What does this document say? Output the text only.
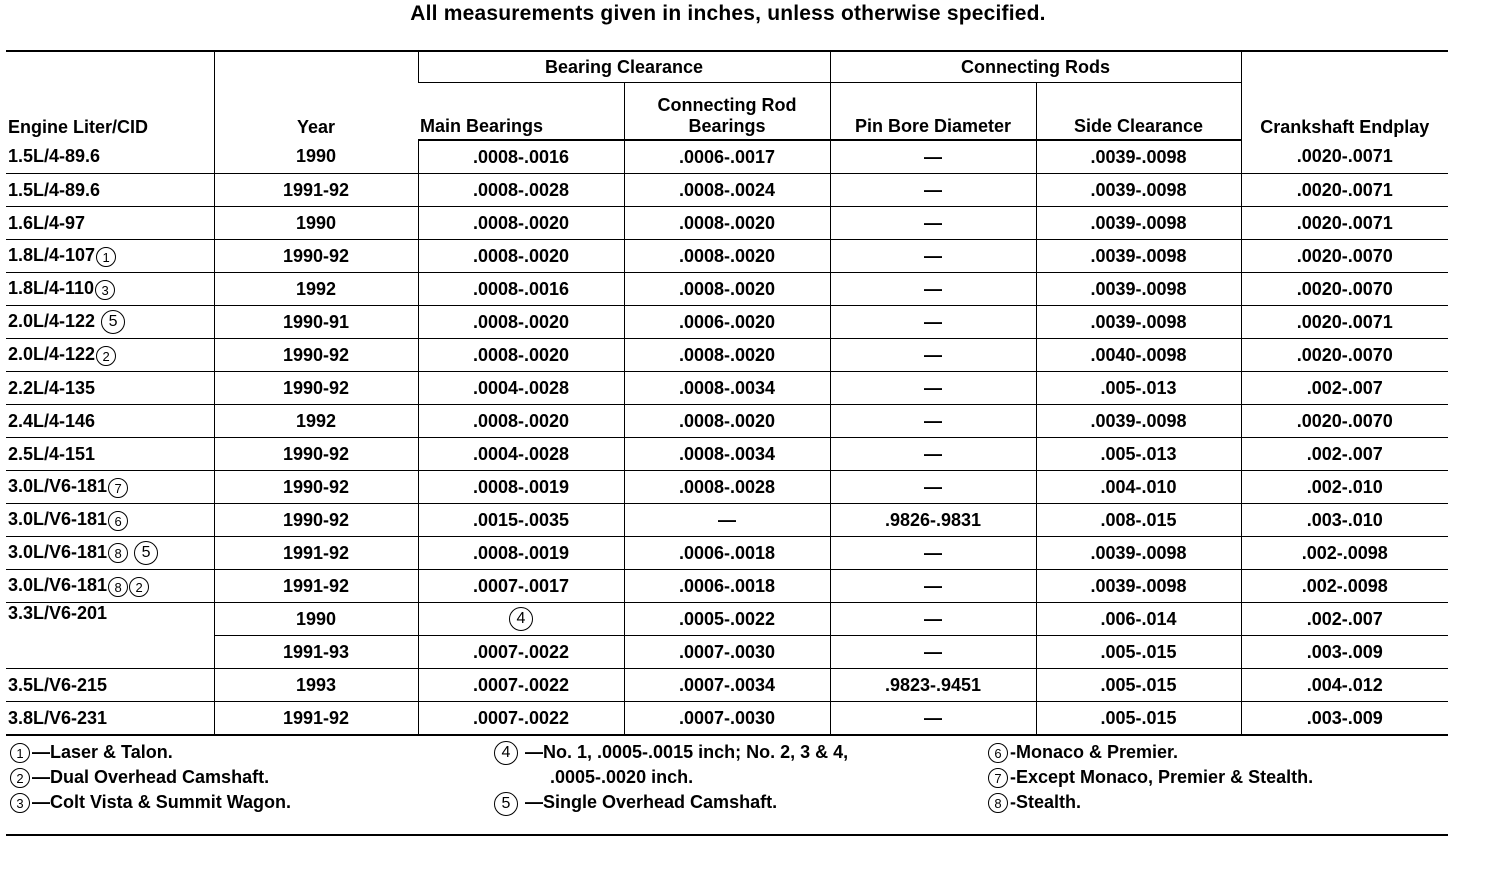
All measurements given in inches, unless otherwise specified.
Engine Liter/CID	Year	Bearing Clearance		Connecting Rods		Crankshaft Endplay
		Main Bearings	Connecting Rod Bearings	Pin Bore Diameter	Side Clearance	
1.5L/4-89.6	1990	.0008-.0016	.0006-.0017	—	.0039-.0098	.0020-.0071
1.5L/4-89.6	1991-92	.0008-.0028	.0008-.0024	—	.0039-.0098	.0020-.0071
1.6L/4-97	1990	.0008-.0020	.0008-.0020	—	.0039-.0098	.0020-.0071
1.8L/4-107 1	1990-92	.0008-.0020	.0008-.0020	—	.0039-.0098	.0020-.0070
1.8L/4-110 3	1992	.0008-.0016	.0008-.0020	—	.0039-.0098	.0020-.0070
2.0L/4-122 5	1990-91	.0008-.0020	.0006-.0020	—	.0039-.0098	.0020-.0071
2.0L/4-122 2	1990-92	.0008-.0020	.0008-.0020	—	.0040-.0098	.0020-.0070
2.2L/4-135	1990-92	.0004-.0028	.0008-.0034	—	.005-.013	.002-.007
2.4L/4-146	1992	.0008-.0020	.0008-.0020	—	.0039-.0098	.0020-.0070
2.5L/4-151	1990-92	.0004-.0028	.0008-.0034	—	.005-.013	.002-.007
3.0L/V6-181 7	1990-92	.0008-.0019	.0008-.0028	—	.004-.010	.002-.010
3.0L/V6-181 6	1990-92	.0015-.0035	—	.9826-.9831	.008-.015	.003-.010
3.0L/V6-181 8 5	1991-92	.0008-.0019	.0006-.0018	—	.0039-.0098	.002-.0098
3.0L/V6-181 8 2	1991-92	.0007-.0017	.0006-.0018	—	.0039-.0098	.002-.0098
3.3L/V6-201	1990	4	.0005-.0022	—	.006-.014	.002-.007
	1991-93	.0007-.0022	.0007-.0030	—	.005-.015	.003-.009
3.5L/V6-215	1993	.0007-.0022	.0007-.0034	.9823-.9451	.005-.015	.004-.012
3.8L/V6-231	1991-92	.0007-.0022	.0007-.0030	—	.005-.015	.003-.009
1 —Laser & Talon.
2 —Dual Overhead Camshaft.
3 —Colt Vista & Summit Wagon.
4 —No. 1, .0005-.0015 inch; No. 2, 3 & 4,
.0005-.0020 inch.
5 —Single Overhead Camshaft.
6 -Monaco & Premier.
7 -Except Monaco, Premier & Stealth.
8 -Stealth.
